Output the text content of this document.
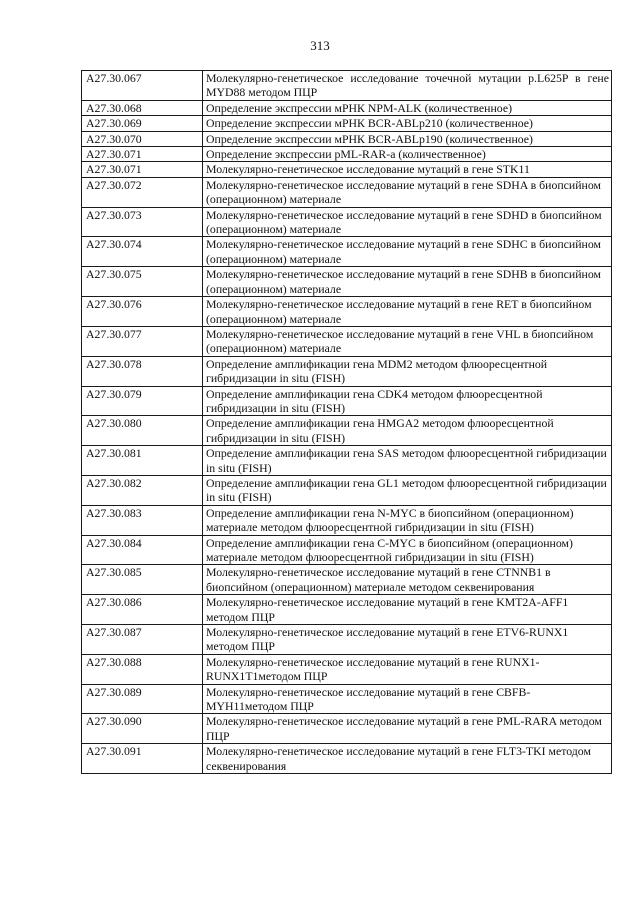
313
A27.30.067	Молекулярно-генетическое исследование точечной мутации p.L625P в гене MYD88 методом ПЦР
A27.30.068	Определение экспрессии мРНК NPM-ALK (количественное)
A27.30.069	Определение экспрессии мРНК BCR-ABLp210 (количественное)
A27.30.070	Определение экспрессии мРНК BCR-ABLp190 (количественное)
A27.30.071	Определение экспрессии pML-RAR-a (количественное)
A27.30.071	Молекулярно-генетическое исследование мутаций в гене STK11
A27.30.072	Молекулярно-генетическое исследование мутаций в гене SDHA в биопсийном (операционном) материале
A27.30.073	Молекулярно-генетическое исследование мутаций в гене SDHD в биопсийном (операционном) материале
A27.30.074	Молекулярно-генетическое исследование мутаций в гене SDHC в биопсийном (операционном) материале
A27.30.075	Молекулярно-генетическое исследование мутаций в гене SDHB в биопсийном (операционном) материале
A27.30.076	Молекулярно-генетическое исследование мутаций в гене RET в биопсийном (операционном) материале
A27.30.077	Молекулярно-генетическое исследование мутаций в гене VHL в биопсийном (операционном) материале
A27.30.078	Определение амплификации гена MDM2 методом флюоресцентной гибридизации in situ (FISH)
A27.30.079	Определение амплификации гена CDK4 методом флюоресцентной гибридизации in situ (FISH)
A27.30.080	Определение амплификации гена HMGA2 методом флюоресцентной гибридизации in situ (FISH)
A27.30.081	Определение амплификации гена SAS методом флюоресцентной гибридизации in situ (FISH)
A27.30.082	Определение амплификации гена GL1 методом флюоресцентной гибридизации in situ (FISH)
A27.30.083	Определение амплификации гена N-MYC в биопсийном (операционном) материале методом флюоресцентной гибридизации in situ (FISH)
A27.30.084	Определение амплификации гена C-MYC в биопсийном (операционном) материале методом флюоресцентной гибридизации in situ (FISH)
A27.30.085	Молекулярно-генетическое исследование мутаций в гене CTNNB1 в биопсийном (операционном) материале методом секвенирования
A27.30.086	Молекулярно-генетическое исследование мутаций в гене KMT2A-AFF1 методом ПЦР
A27.30.087	Молекулярно-генетическое исследование мутаций в гене ETV6-RUNX1 методом ПЦР
A27.30.088	Молекулярно-генетическое исследование мутаций в гене RUNX1-RUNX1T1методом ПЦР
A27.30.089	Молекулярно-генетическое исследование мутаций в гене CBFB-MYH11методом ПЦР
A27.30.090	Молекулярно-генетическое исследование мутаций в гене PML-RARA методом ПЦР
A27.30.091	Молекулярно-генетическое исследование мутаций в гене FLT3-TKI методом секвенирования
